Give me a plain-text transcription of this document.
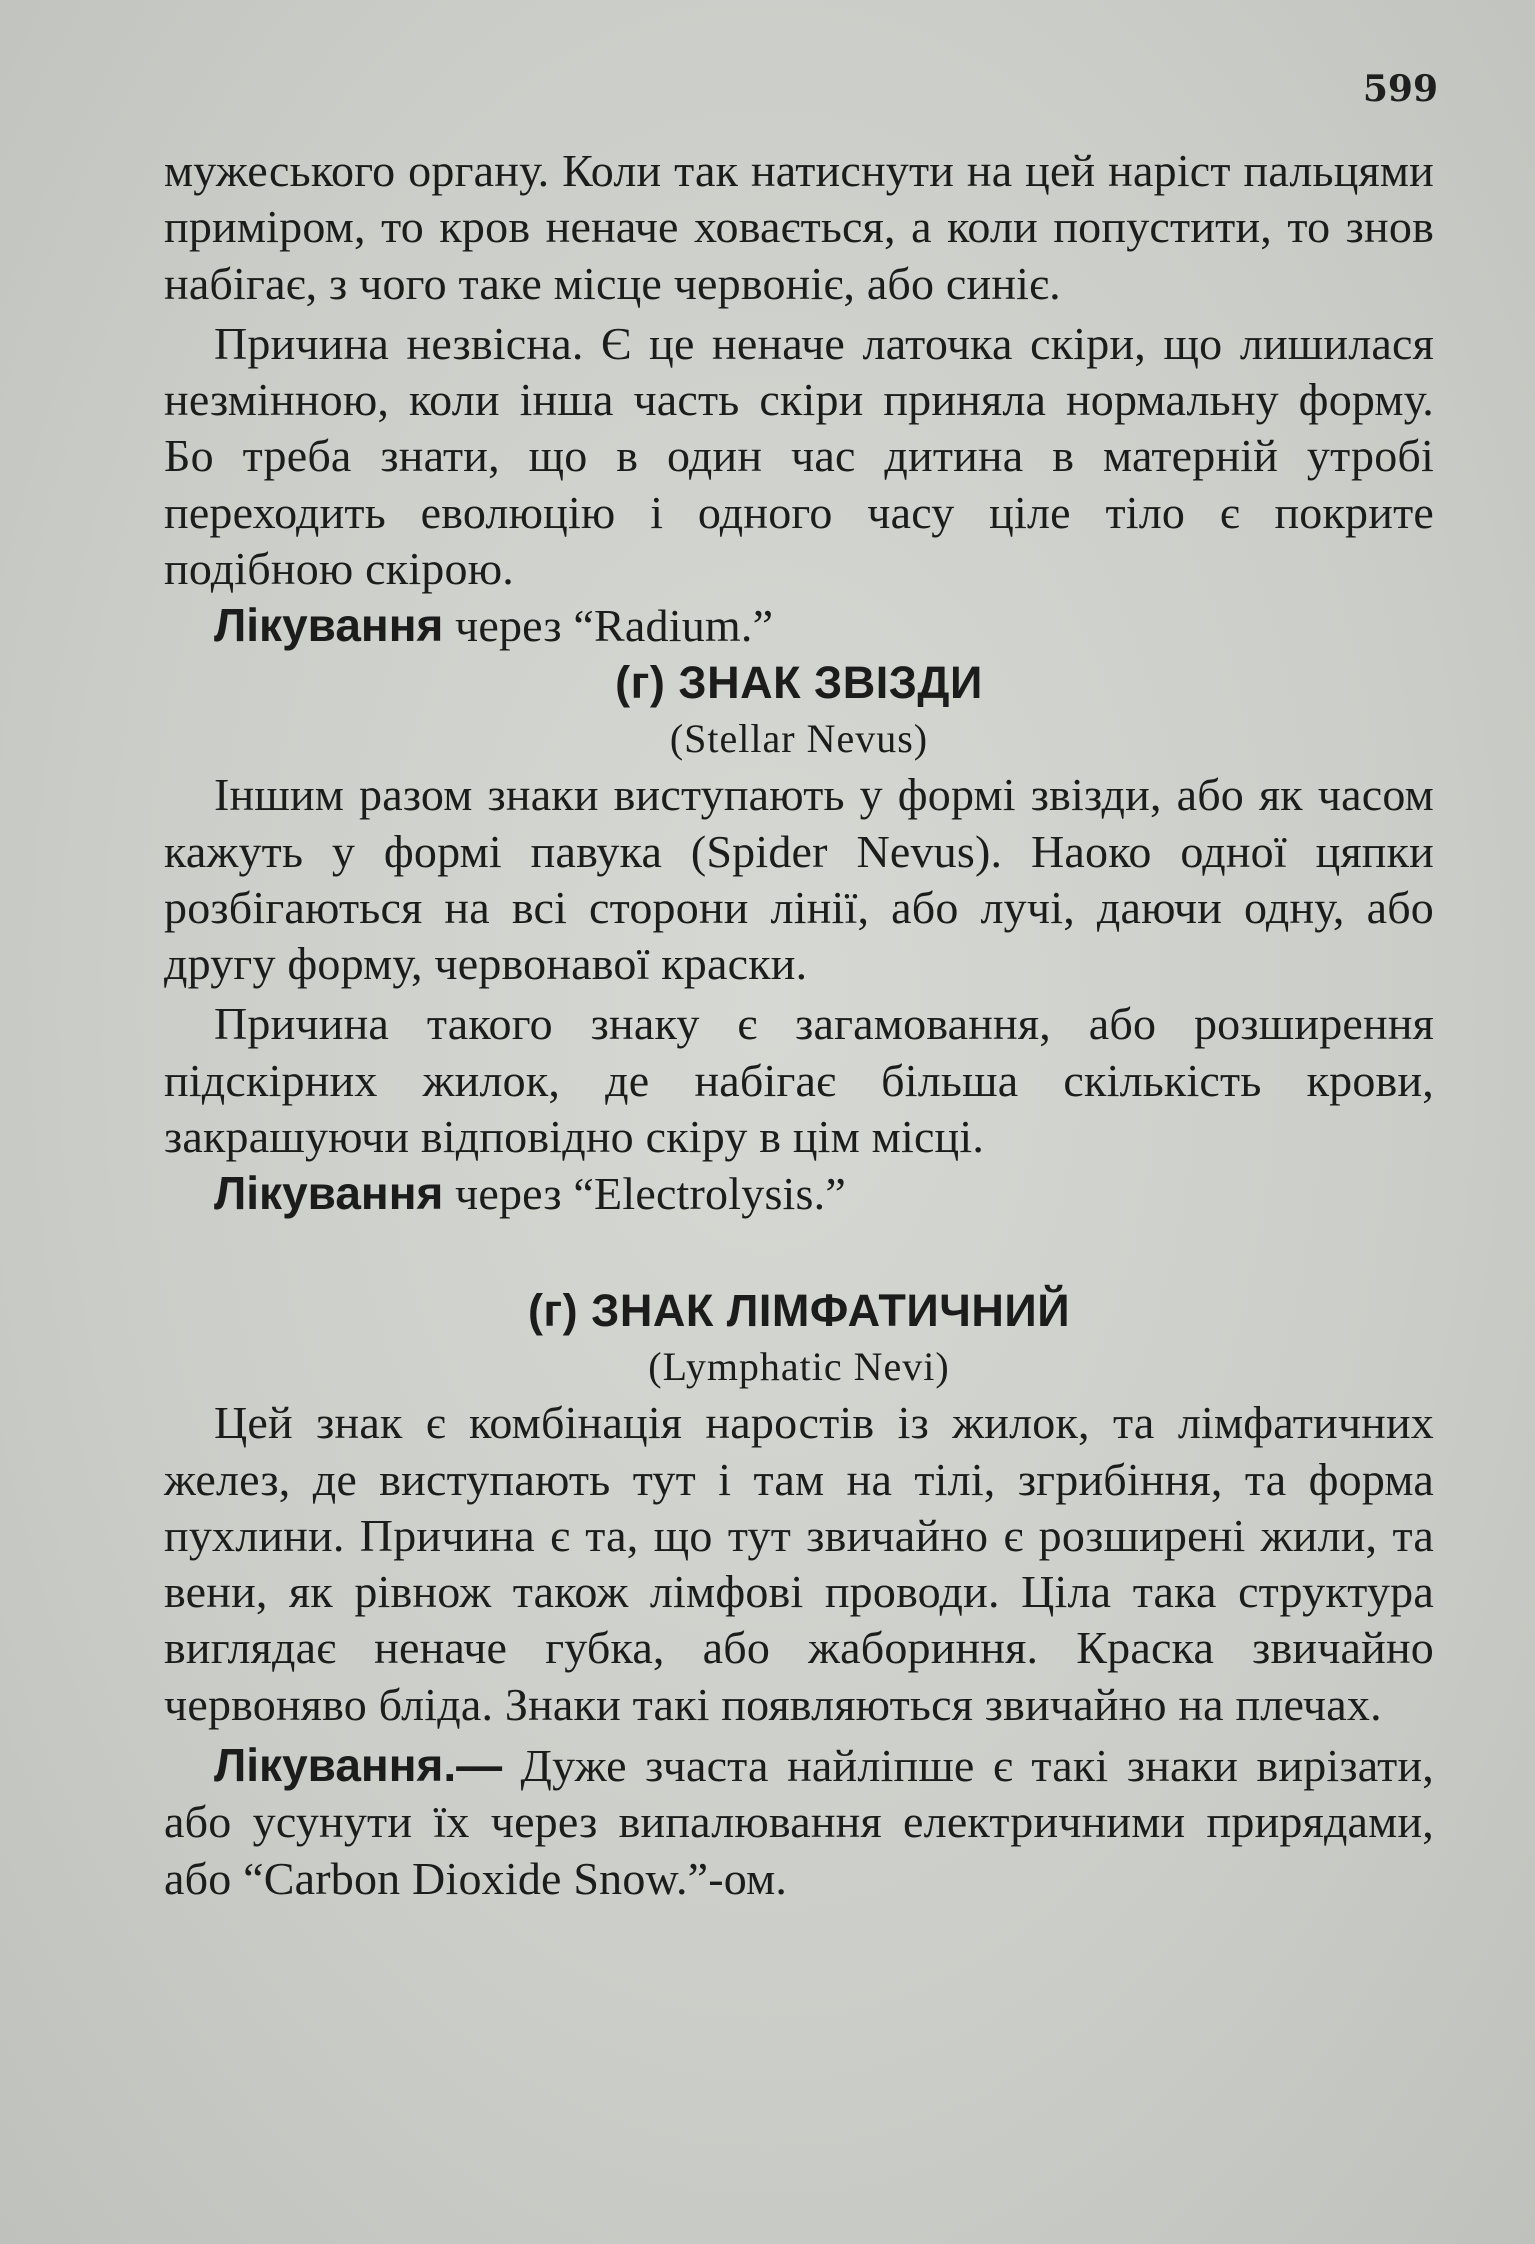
599

мужеського органу. Коли так натиснути на цей наріст пальцями приміром, то кров неначе ховається, а коли попустити, то знов набігає, з чого таке місце червоніє, або синіє.

Причина незвісна. Є це неначе латочка скіри, що лишилася незмінною, коли інша часть скіри приняла нормальну форму. Бо треба знати, що в один час дитина в матерній утробі переходить еволюцію і одного часу ціле тіло є покрите подібною скірою.

Лікування через “Radium.”

(г) ЗНАК ЗВІЗДИ

(Stellar Nevus)

Іншим разом знаки виступають у формі звізди, або як часом кажуть у формі павука (Spider Nevus). Наоко одної цяпки розбігаються на всі сторони лінії, або лучі, даючи одну, або другу форму, червонавої краски.

Причина такого знаку є загамовання, або розширення підскірних жилок, де набігає більша скількість крови, закрашуючи відповідно скіру в цім місці.

Лікування через “Electrolysis.”

(г) ЗНАК ЛІМФАТИЧНИЙ

(Lymphatic Nevi)

Цей знак є комбінація наростів із жилок, та лімфатичних желез, де виступають тут і там на тілі, згрибіння, та форма пухлини. Причина є та, що тут звичайно є розширені жили, та вени, як рівнож також лімфові проводи. Ціла така структура виглядає неначе губка, або жабориння. Краска звичайно червоняво бліда. Знаки такі появляються звичайно на плечах.

Лікування.— Дуже зчаста найліпше є такі знаки вирізати, або усунути їх через випалювання електричними прирядами, або “Carbon Dioxide Snow.”-ом.
